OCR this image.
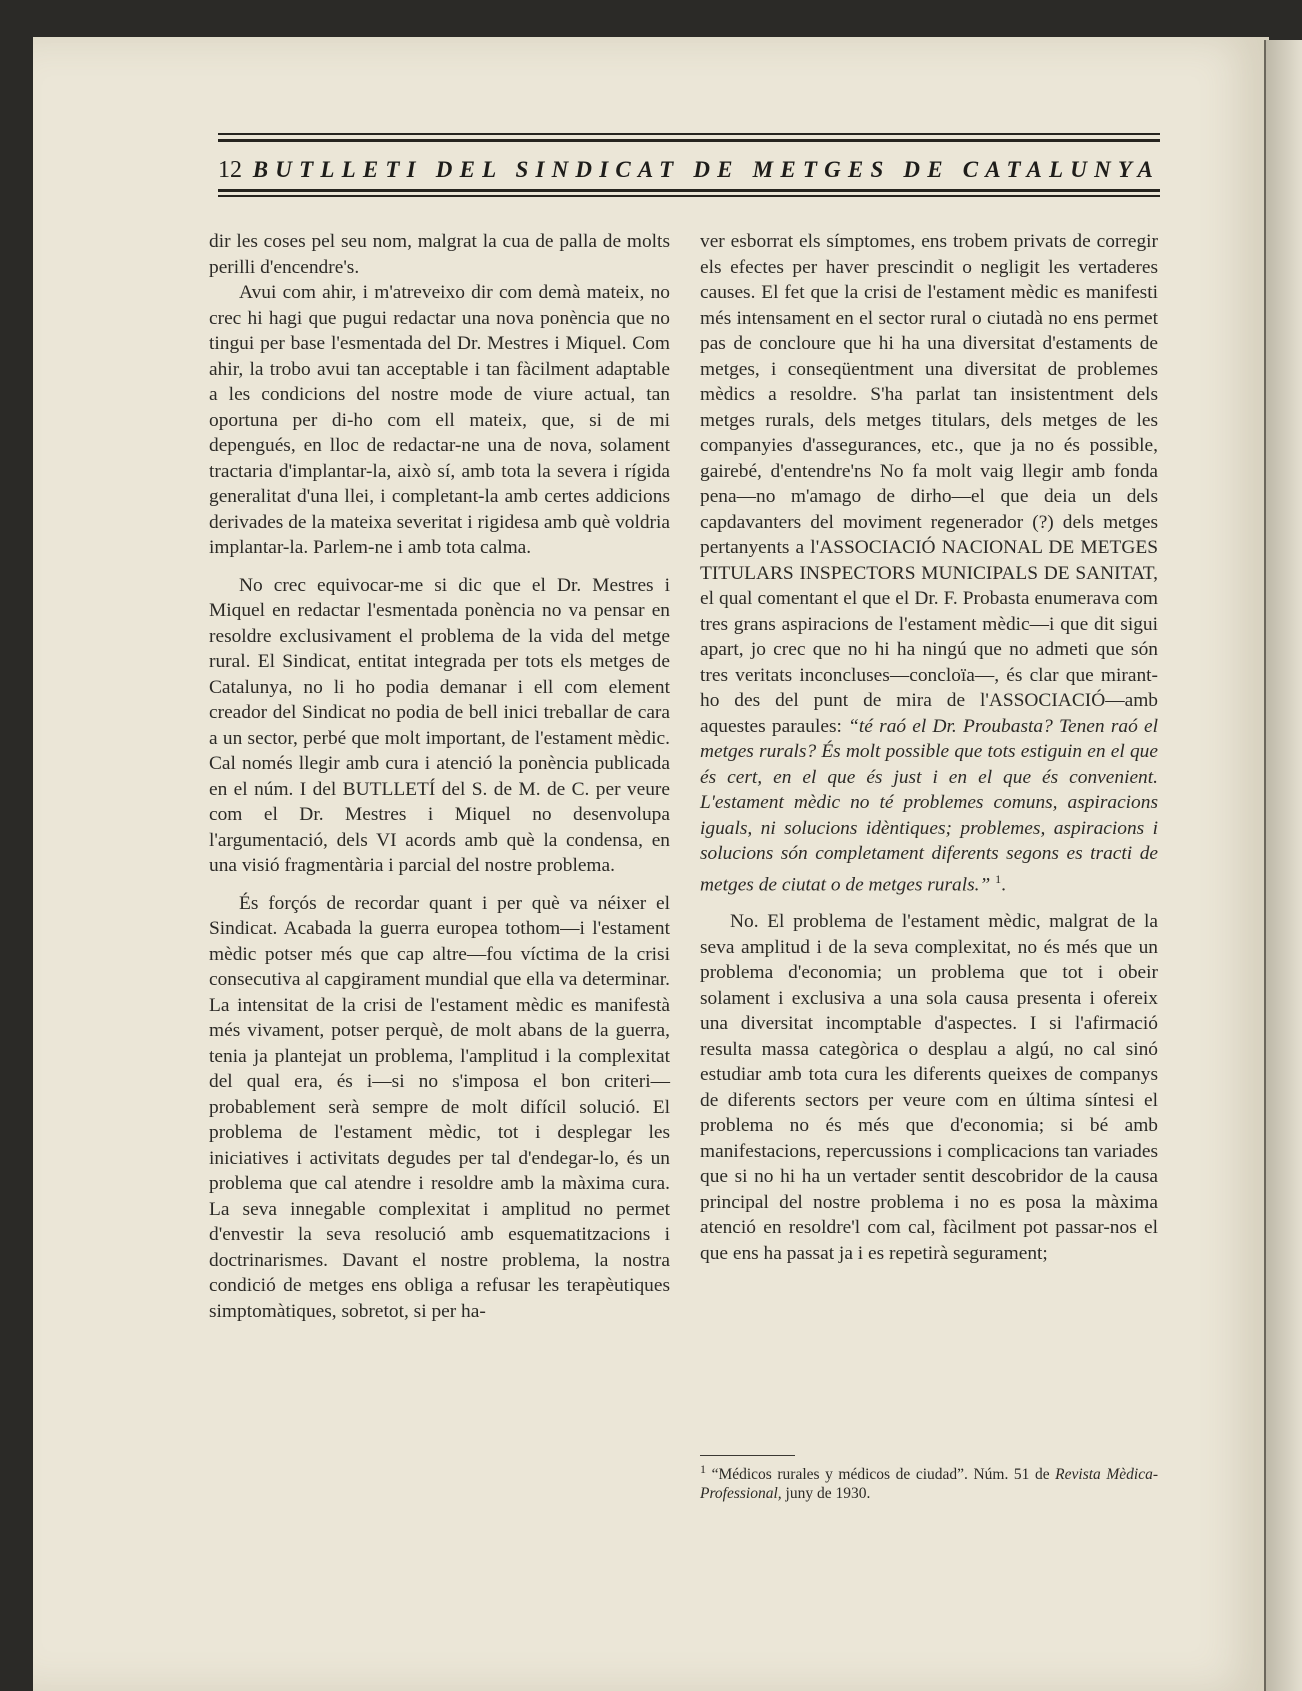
12 BUTLLETI DEL SINDICAT DE METGES DE CATALUNYA

dir les coses pel seu nom, malgrat la cua de palla de molts perilli d'encendre's.

Avui com ahir, i m'atreveixo dir com demà mateix, no crec hi hagi que pugui redactar una nova ponència que no tingui per base l'esmentada del Dr. Mestres i Miquel. Com ahir, la trobo avui tan acceptable i tan fàcilment adaptable a les condicions del nostre mode de viure actual, tan oportuna per di-ho com ell mateix, que, si de mi depengués, en lloc de redactar-ne una de nova, solament tractaria d'implantar-la, això sí, amb tota la severa i rígida generalitat d'una llei, i completant-la amb certes addicions derivades de la mateixa severitat i rigidesa amb què voldria implantar-la. Parlem-ne i amb tota calma.

No crec equivocar-me si dic que el Dr. Mestres i Miquel en redactar l'esmentada ponència no va pensar en resoldre exclusivament el problema de la vida del metge rural. El Sindicat, entitat integrada per tots els metges de Catalunya, no li ho podia demanar i ell com element creador del Sindicat no podia de bell inici treballar de cara a un sector, perbé que molt important, de l'estament mèdic. Cal només llegir amb cura i atenció la ponència publicada en el núm. I del BUTLLETÍ del S. de M. de C. per veure com el Dr. Mestres i Miquel no desenvolupa l'argumentació, dels VI acords amb què la condensa, en una visió fragmentària i parcial del nostre problema.

És forçós de recordar quant i per què va néixer el Sindicat. Acabada la guerra europea tothom—i l'estament mèdic potser més que cap altre—fou víctima de la crisi consecutiva al capgirament mundial que ella va determinar. La intensitat de la crisi de l'estament mèdic es manifestà més vivament, potser perquè, de molt abans de la guerra, tenia ja plantejat un problema, l'amplitud i la complexitat del qual era, és i—si no s'imposa el bon criteri—probablement serà sempre de molt difícil solució. El problema de l'estament mèdic, tot i desplegar les iniciatives i activitats degudes per tal d'endegar-lo, és un problema que cal atendre i resoldre amb la màxima cura. La seva innegable complexitat i amplitud no permet d'envestir la seva resolució amb esquematitzacions i doctrinarismes. Davant el nostre problema, la nostra condició de metges ens obliga a refusar les terapèutiques simptomàtiques, sobretot, si per ha-

ver esborrat els símptomes, ens trobem privats de corregir els efectes per haver prescindit o negligit les vertaderes causes. El fet que la crisi de l'estament mèdic es manifesti més intensament en el sector rural o ciutadà no ens permet pas de concloure que hi ha una diversitat d'estaments de metges, i conseqüentment una diversitat de problemes mèdics a resoldre. S'ha parlat tan insistentment dels metges rurals, dels metges titulars, dels metges de les companyies d'assegurances, etc., que ja no és possible, gairebé, d'entendre'ns No fa molt vaig llegir amb fonda pena—no m'amago de dirho—el que deia un dels capdavanters del moviment regenerador (?) dels metges pertanyents a l'ASSOCIACIÓ NACIONAL DE METGES TITULARS INSPECTORS MUNICIPALS DE SANITAT, el qual comentant el que el Dr. F. Probasta enumerava com tres grans aspiracions de l'estament mèdic—i que dit sigui apart, jo crec que no hi ha ningú que no admeti que són tres veritats inconcluses—concloïa—, és clar que mirant-ho des del punt de mira de l'ASSOCIACIÓ—amb aquestes paraules: “té raó el Dr. Proubasta? Tenen raó el metges rurals? És molt possible que tots estiguin en el que és cert, en el que és just i en el que és convenient. L'estament mèdic no té problemes comuns, aspiracions iguals, ni solucions idèntiques; problemes, aspiracions i solucions són completament diferents segons es tracti de metges de ciutat o de metges rurals.” $^1$.

No. El problema de l'estament mèdic, malgrat de la seva amplitud i de la seva complexitat, no és més que un problema d'economia; un problema que tot i obeir solament i exclusiva a una sola causa presenta i ofereix una diversitat incomptable d'aspectes. I si l'afirmació resulta massa categòrica o desplau a algú, no cal sinó estudiar amb tota cura les diferents queixes de companys de diferents sectors per veure com en última síntesi el problema no és més que d'economia; si bé amb manifestacions, repercussions i complicacions tan variades que si no hi ha un vertader sentit descobridor de la causa principal del nostre problema i no es posa la màxima atenció en resoldre'l com cal, fàcilment pot passar-nos el que ens ha passat ja i es repetirà segurament;

$^1$ “Médicos rurales y médicos de ciudad”. Núm. 51 de Revista Mèdica-Professional, juny de 1930.
